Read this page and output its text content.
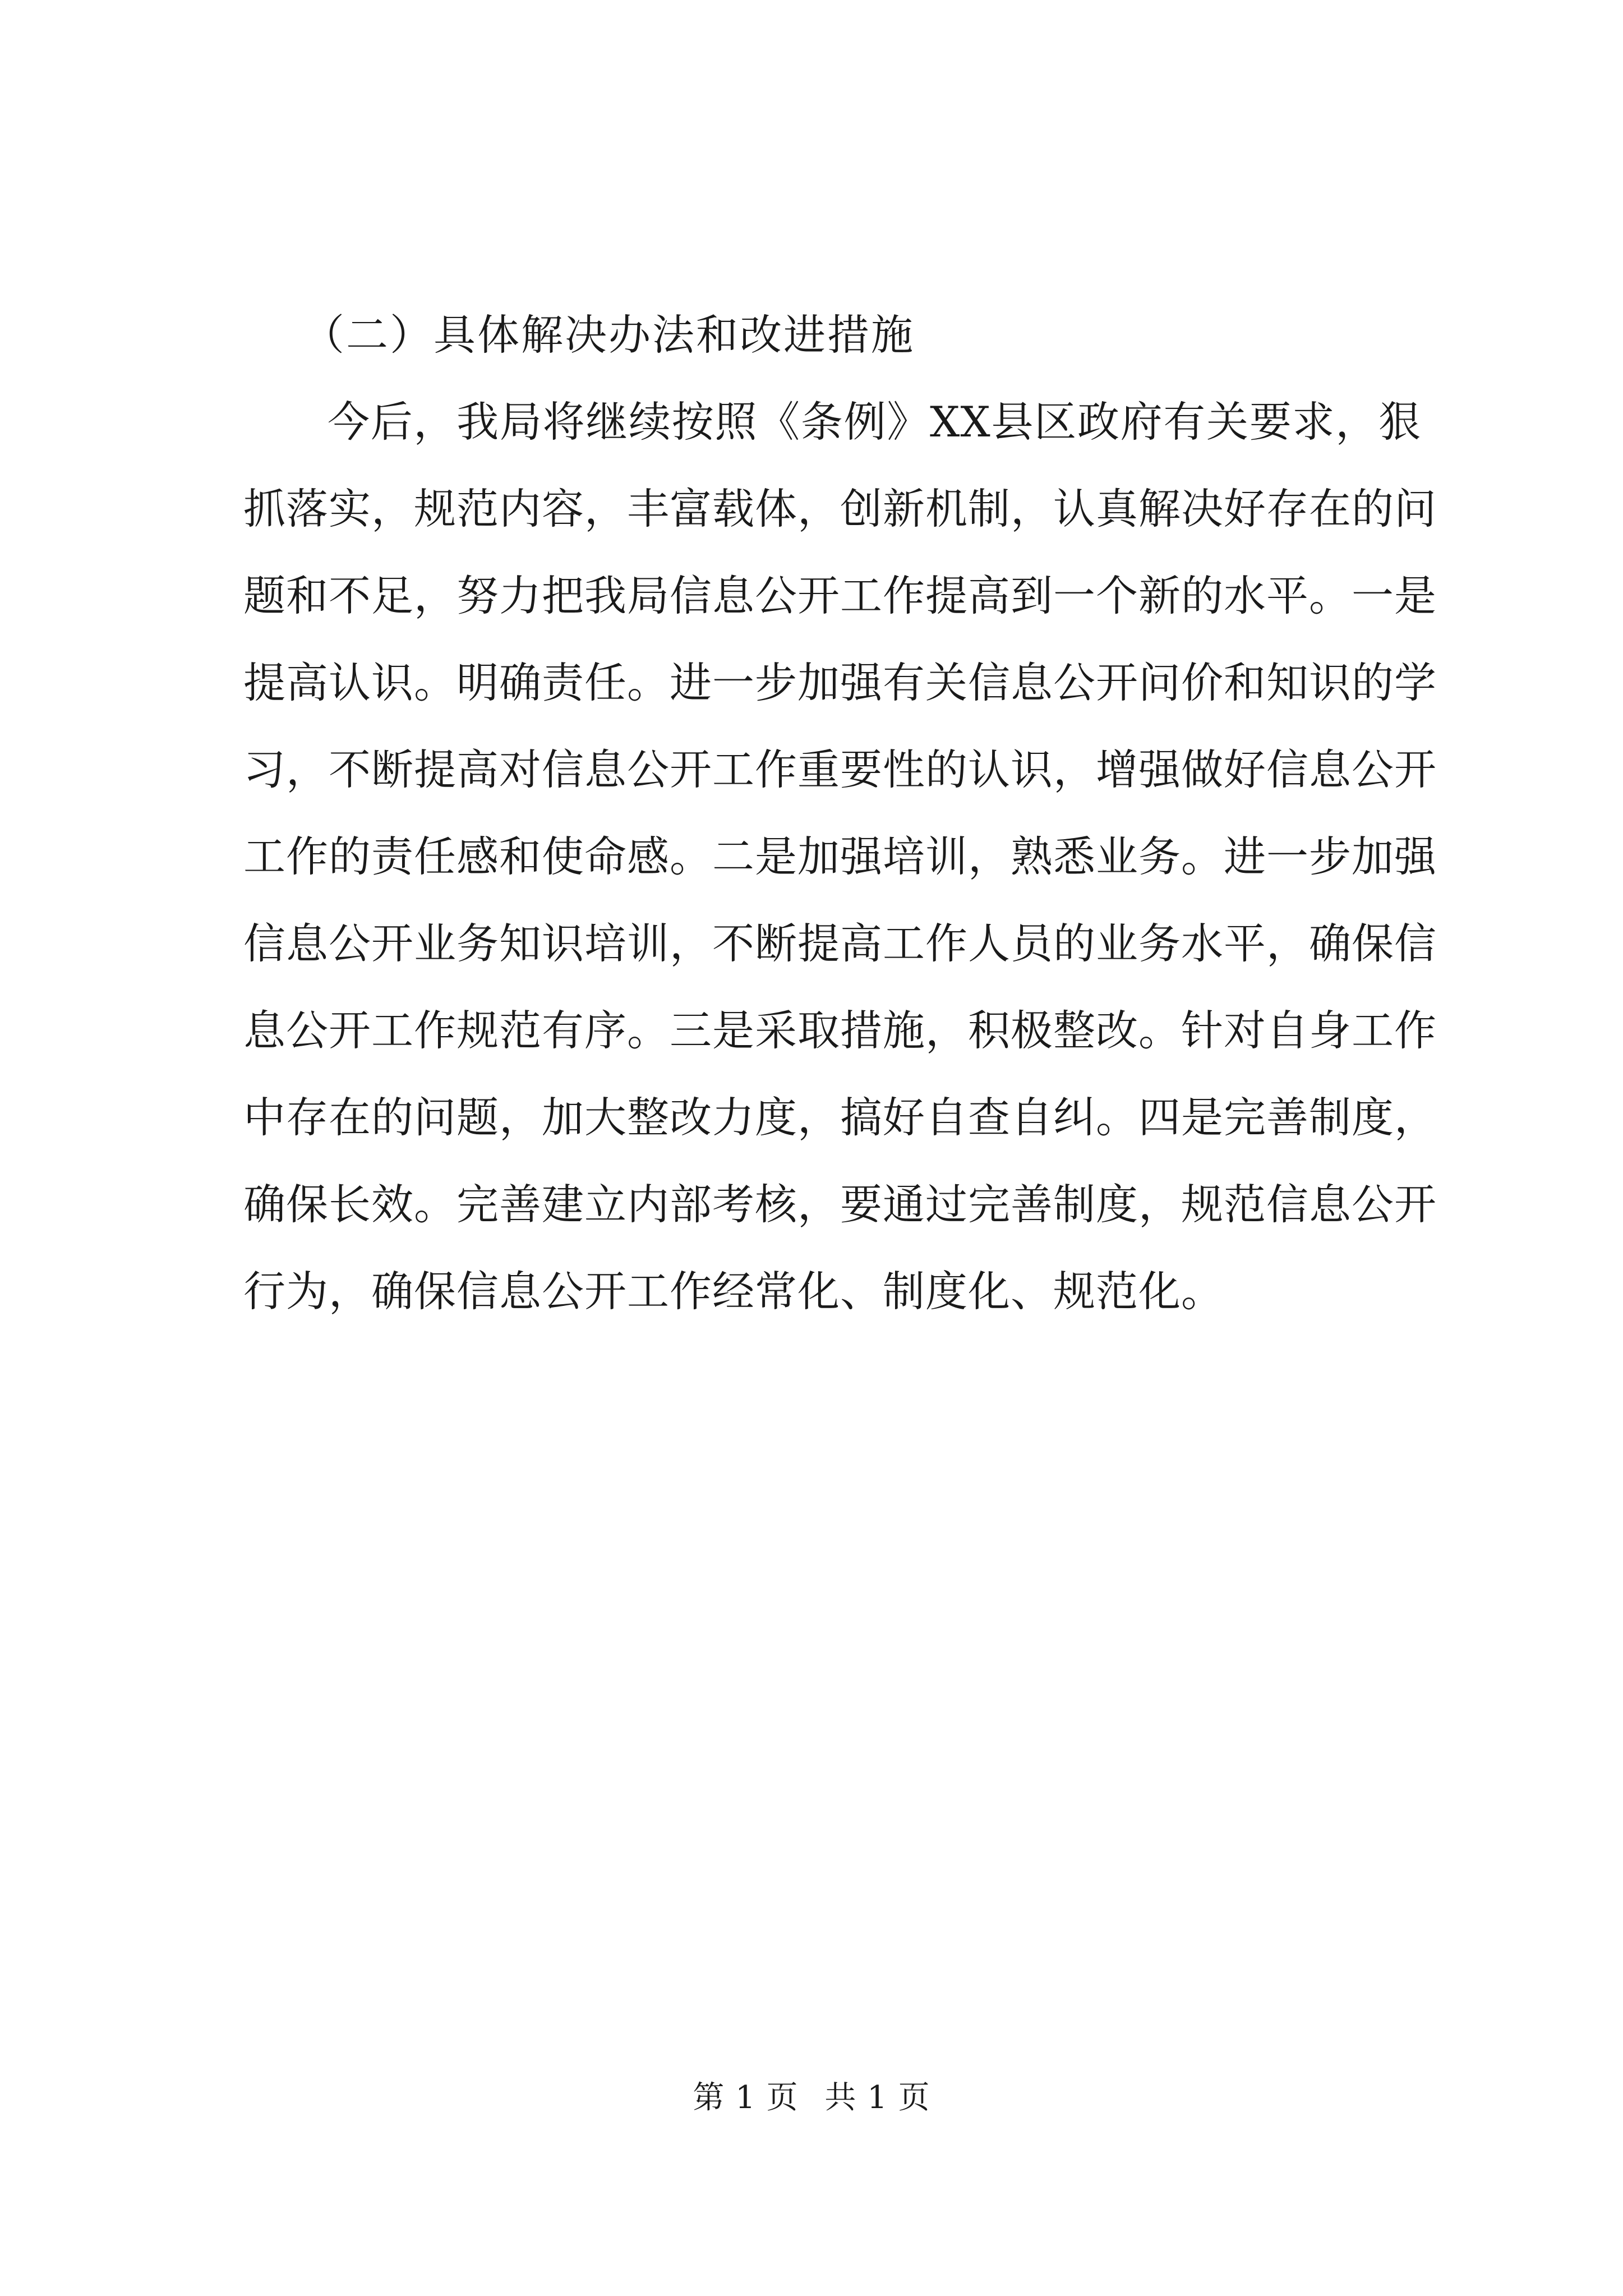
（二）具体解决办法和改进措施

今后，我局将继续按照《条例》XX县区政府有关要求，狠
抓落实，规范内容，丰富载体，创新机制，认真解决好存在的问
题和不足，努力把我局信息公开工作提高到一个新的水平。一是
提高认识。明确责任。进一步加强有关信息公开问价和知识的学
习，不断提高对信息公开工作重要性的认识，增强做好信息公开
工作的责任感和使命感。二是加强培训，熟悉业务。进一步加强
信息公开业务知识培训，不断提高工作人员的业务水平，确保信
息公开工作规范有序。三是采取措施，积极整改。针对自身工作
中存在的问题，加大整改力度，搞好自查自纠。四是完善制度，
确保长效。完善建立内部考核，要通过完善制度，规范信息公开
行为，确保信息公开工作经常化、制度化、规范化。

第 1 页 共 1 页
